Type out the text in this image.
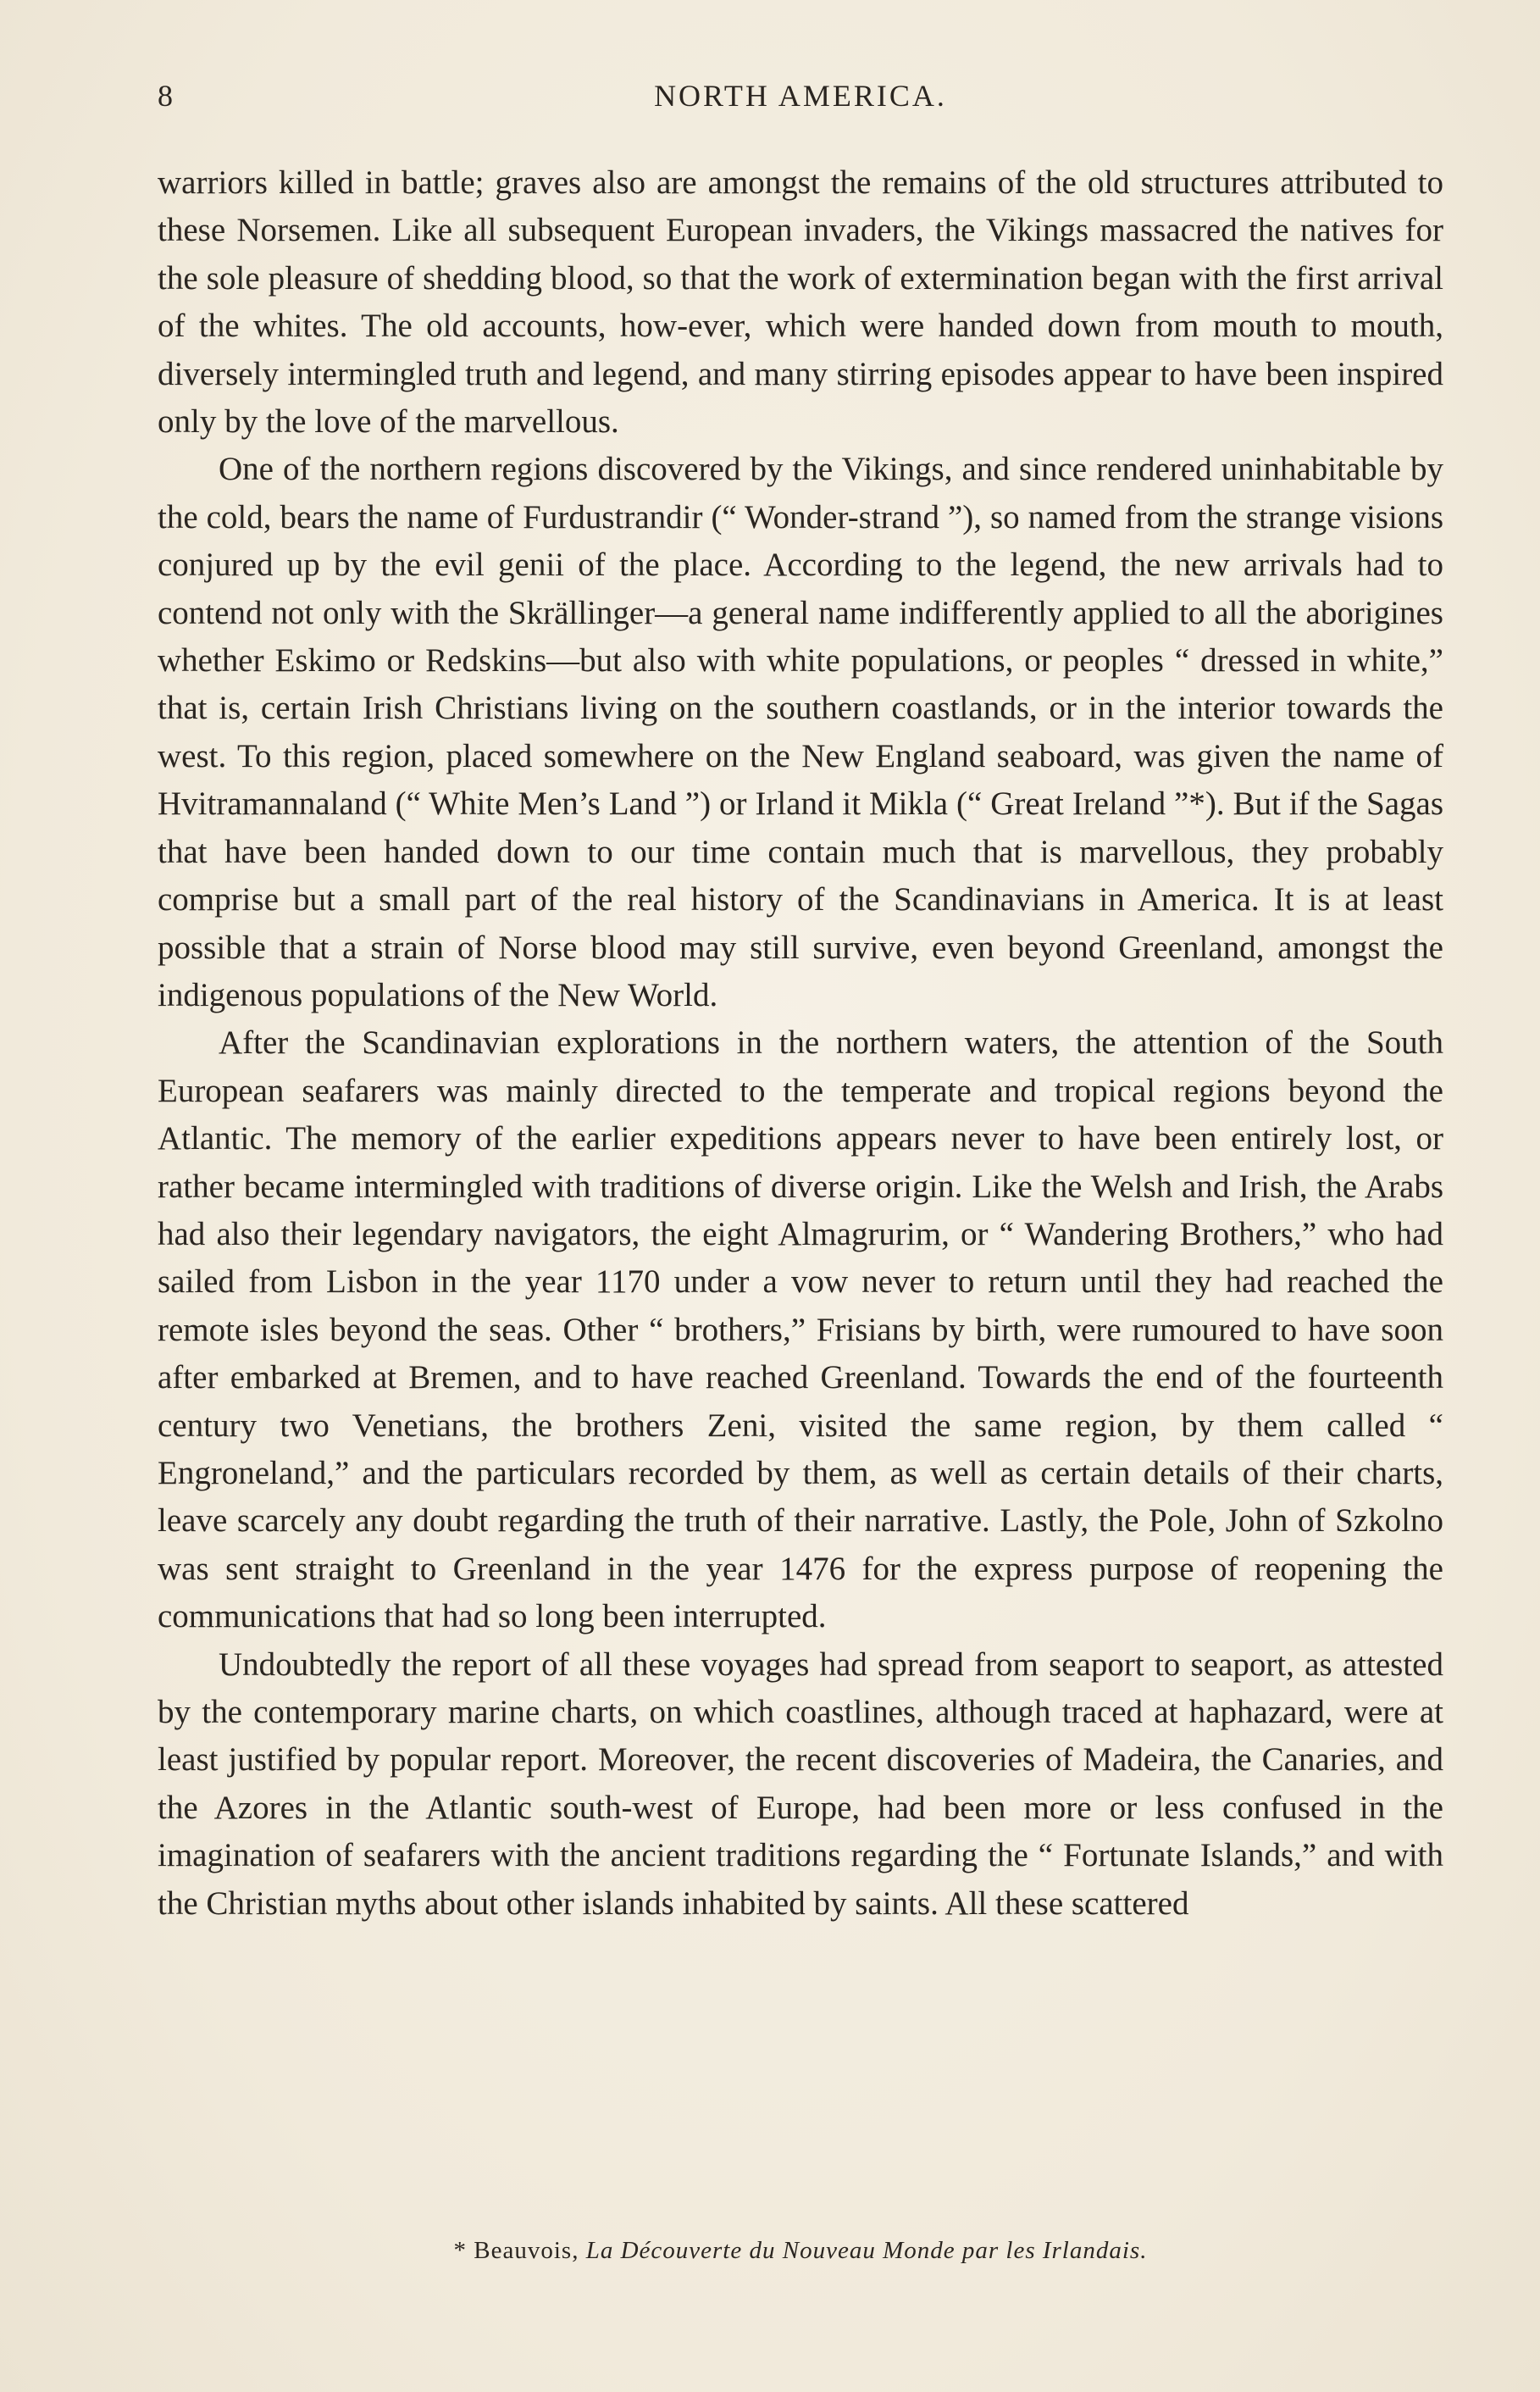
8	NORTH AMERICA.

warriors killed in battle; graves also are amongst the remains of the old structures attributed to these Norsemen. Like all subsequent European invaders, the Vikings massacred the natives for the sole pleasure of shedding blood, so that the work of extermination began with the first arrival of the whites. The old accounts, how-ever, which were handed down from mouth to mouth, diversely intermingled truth and legend, and many stirring episodes appear to have been inspired only by the love of the marvellous.

One of the northern regions discovered by the Vikings, and since rendered uninhabitable by the cold, bears the name of Furdustrandir (“ Wonder-strand ”), so named from the strange visions conjured up by the evil genii of the place. According to the legend, the new arrivals had to contend not only with the Skrällinger—a general name indifferently applied to all the aborigines whether Eskimo or Redskins—but also with white populations, or peoples “ dressed in white,” that is, certain Irish Christians living on the southern coastlands, or in the interior towards the west. To this region, placed somewhere on the New England seaboard, was given the name of Hvitramannaland (“ White Men’s Land ”) or Irland it Mikla (“ Great Ireland ”*). But if the Sagas that have been handed down to our time contain much that is marvellous, they probably comprise but a small part of the real history of the Scandinavians in America. It is at least possible that a strain of Norse blood may still survive, even beyond Greenland, amongst the indigenous populations of the New World.

After the Scandinavian explorations in the northern waters, the attention of the South European seafarers was mainly directed to the temperate and tropical regions beyond the Atlantic. The memory of the earlier expeditions appears never to have been entirely lost, or rather became intermingled with traditions of diverse origin. Like the Welsh and Irish, the Arabs had also their legendary navigators, the eight Almagrurim, or “ Wandering Brothers,” who had sailed from Lisbon in the year 1170 under a vow never to return until they had reached the remote isles beyond the seas. Other “ brothers,” Frisians by birth, were rumoured to have soon after embarked at Bremen, and to have reached Greenland. Towards the end of the fourteenth century two Venetians, the brothers Zeni, visited the same region, by them called “ Engroneland,” and the particulars recorded by them, as well as certain details of their charts, leave scarcely any doubt regarding the truth of their narrative. Lastly, the Pole, John of Szkolno was sent straight to Greenland in the year 1476 for the express purpose of reopening the communications that had so long been interrupted.

Undoubtedly the report of all these voyages had spread from seaport to seaport, as attested by the contemporary marine charts, on which coastlines, although traced at haphazard, were at least justified by popular report. Moreover, the recent discoveries of Madeira, the Canaries, and the Azores in the Atlantic south-west of Europe, had been more or less confused in the imagination of seafarers with the ancient traditions regarding the “ Fortunate Islands,” and with the Christian myths about other islands inhabited by saints. All these scattered

* Beauvois, La Découverte du Nouveau Monde par les Irlandais.
